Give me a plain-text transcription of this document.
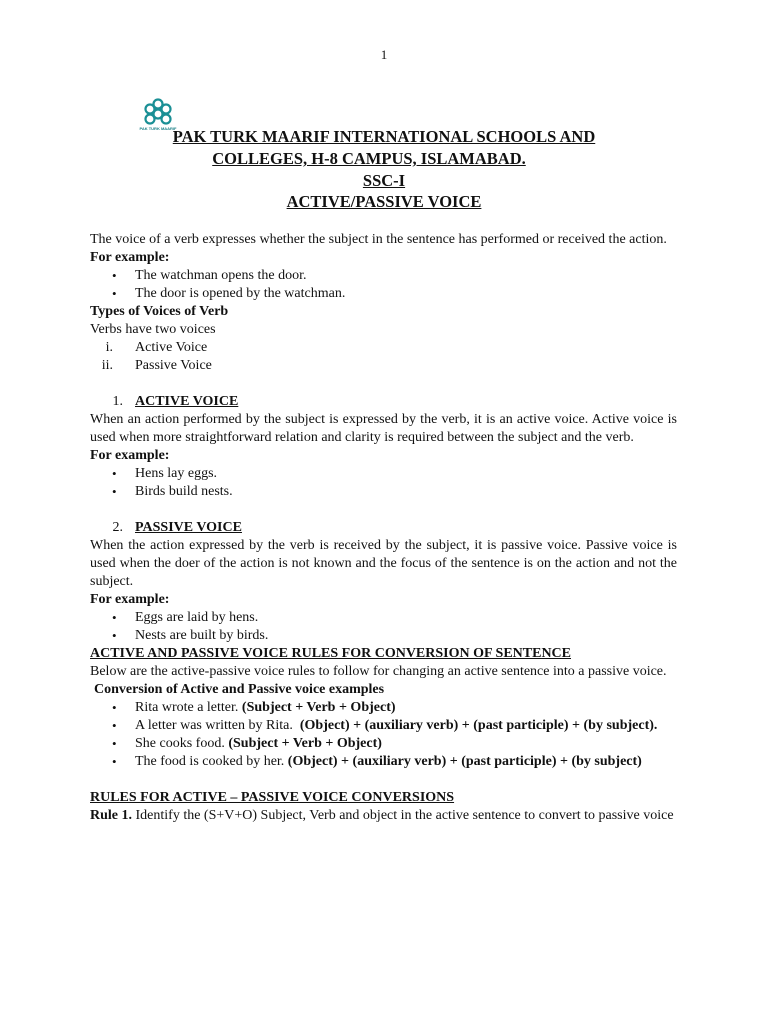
1
PAK TURK MAARIF
PAK TURK MAARIF INTERNATIONAL SCHOOLS AND
COLLEGES, H-8 CAMPUS, ISLAMABAD.
SSC-I
ACTIVE/PASSIVE VOICE

The voice of a verb expresses whether the subject in the sentence has performed or received the action.

For example:

• The watchman opens the door.
• The door is opened by the watchman.

Types of Voices of Verb

Verbs have two voices

i. Active Voice
ii. Passive Voice
1. ACTIVE VOICE

When an action performed by the subject is expressed by the verb, it is an active voice. Active voice is used when more straightforward relation and clarity is required between the subject and the verb.

For example:

• Hens lay eggs.
• Birds build nests.
2. PASSIVE VOICE

When the action expressed by the verb is received by the subject, it is passive voice. Passive voice is used when the doer of the action is not known and the focus of the sentence is on the action and not the subject.

For example:

• Eggs are laid by hens.
• Nests are built by birds.

ACTIVE AND PASSIVE VOICE RULES FOR CONVERSION OF SENTENCE

Below are the active-passive voice rules to follow for changing an active sentence into a passive voice.

Conversion of Active and Passive voice examples

• Rita wrote a letter. (Subject + Verb + Object)
• A letter was written by Rita. (Object) + (auxiliary verb) + (past participle) + (by subject).
• She cooks food. (Subject + Verb + Object)
• The food is cooked by her. (Object) + (auxiliary verb) + (past participle) + (by subject)

RULES FOR ACTIVE – PASSIVE VOICE CONVERSIONS

Rule 1. Identify the (S+V+O) Subject, Verb and object in the active sentence to convert to passive voice
